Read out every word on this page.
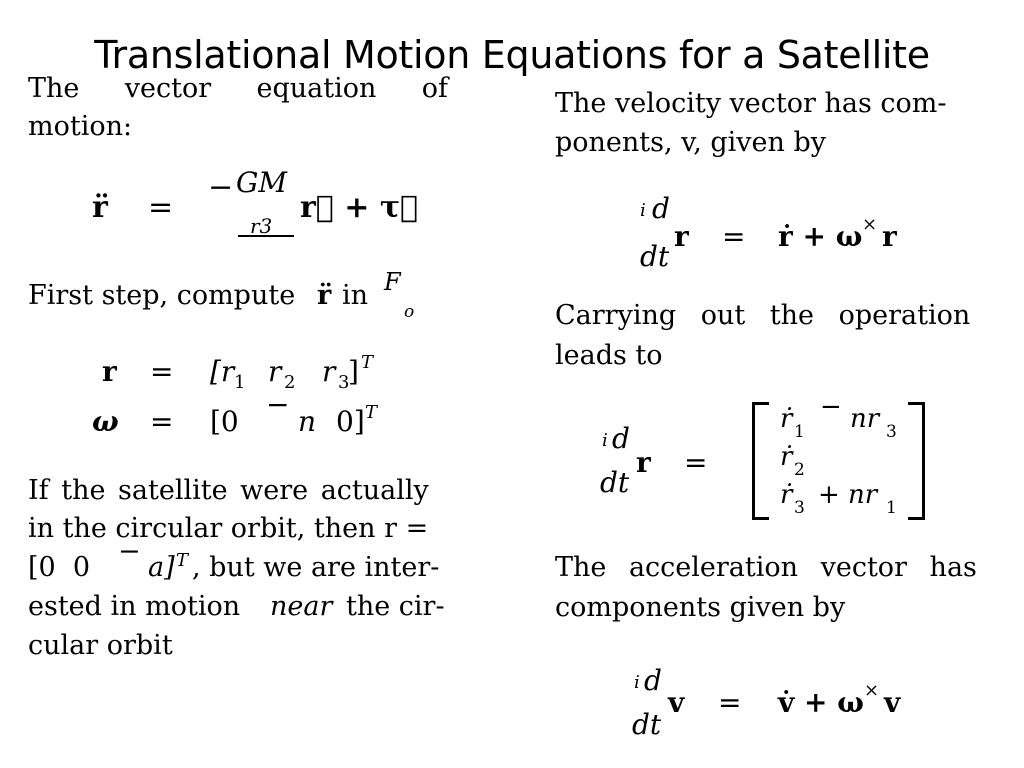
Translational Motion Equations for a Satellite
The vector equation of motion:
r̈ =
− GM
r3
r⃗ + τ⃗
First step, compute r̈ in F
o
r = [r 1 r 2 r 3
] T
ω = [0
−
n 0] T
If the satellite were actually
in the circular orbit, then r =
[0  0
−
a] T , but we are inter-
ested in motion near the cir-
cular orbit
The velocity vector has com-
ponents, v, given by
i d
dt
r = ṙ + ω × r
Carrying out the operation
leads to
i d
dt
r =
ṙ 1
− nr 3
ṙ 2
ṙ 3 + nr 1
The acceleration vector has
components given by
i d
dt
v = v̇ + ω × v
